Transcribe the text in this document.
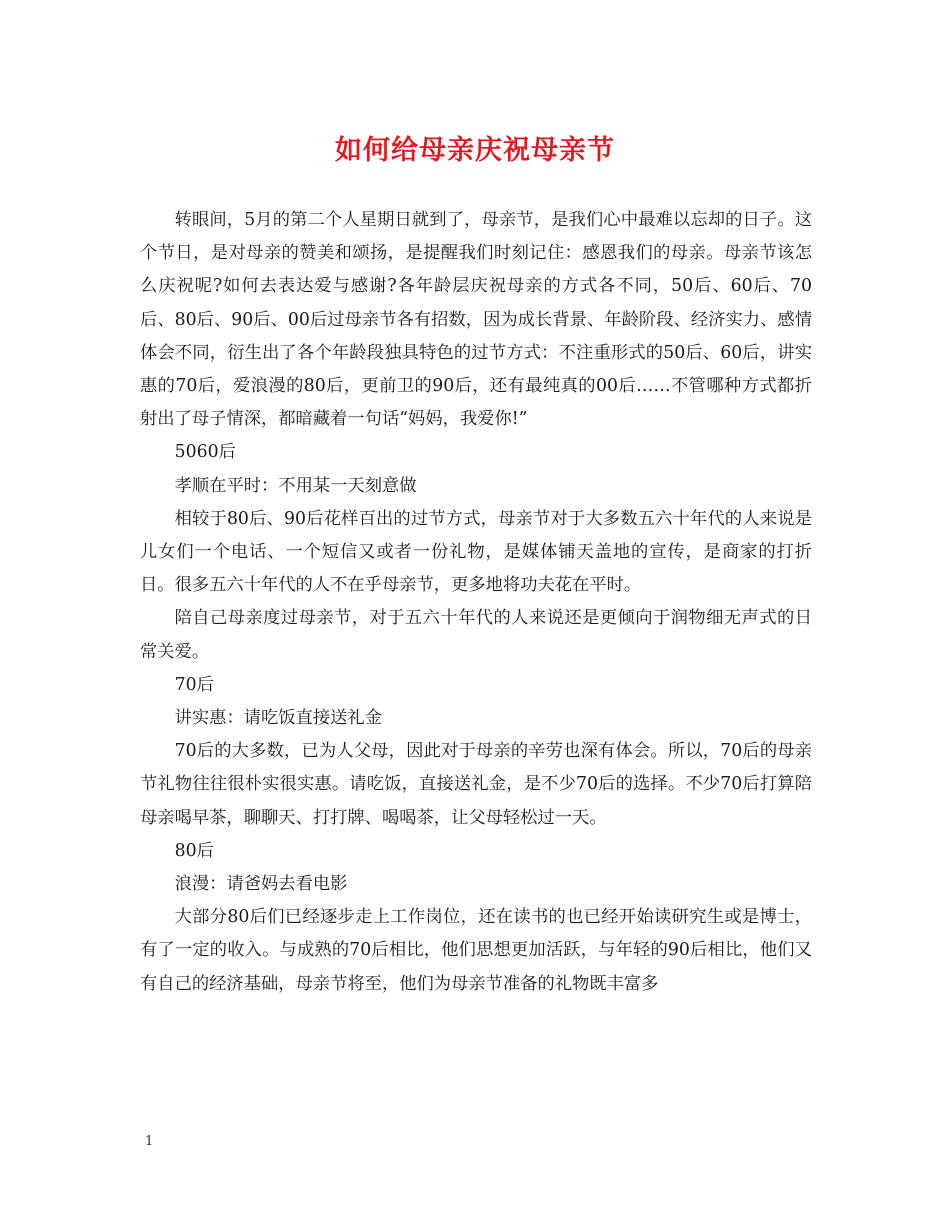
如何给母亲庆祝母亲节

转眼间，5月的第二个人星期日就到了，母亲节，是我们心中最难以忘却的日子。这个节日，是对母亲的赞美和颂扬，是提醒我们时刻记住：感恩我们的母亲。母亲节该怎么庆祝呢?如何去表达爱与感谢?各年龄层庆祝母亲的方式各不同，50后、60后、70后、80后、90后、00后过母亲节各有招数，因为成长背景、年龄阶段、经济实力、感情体会不同，衍生出了各个年龄段独具特色的过节方式：不注重形式的50后、60后，讲实惠的70后，爱浪漫的80后，更前卫的90后，还有最纯真的00后……不管哪种方式都折射出了母子情深，都暗藏着一句话“妈妈，我爱你!”

5060后

孝顺在平时：不用某一天刻意做

相较于80后、90后花样百出的过节方式，母亲节对于大多数五六十年代的人来说是儿女们一个电话、一个短信又或者一份礼物，是媒体铺天盖地的宣传，是商家的打折日。很多五六十年代的人不在乎母亲节，更多地将功夫花在平时。

陪自己母亲度过母亲节，对于五六十年代的人来说还是更倾向于润物细无声式的日常关爱。

70后

讲实惠：请吃饭直接送礼金

70后的大多数，已为人父母，因此对于母亲的辛劳也深有体会。所以，70后的母亲节礼物往往很朴实很实惠。请吃饭，直接送礼金，是不少70后的选择。不少70后打算陪母亲喝早茶，聊聊天、打打牌、喝喝茶，让父母轻松过一天。

80后

浪漫：请爸妈去看电影

大部分80后们已经逐步走上工作岗位，还在读书的也已经开始读研究生或是博士，有了一定的收入。与成熟的70后相比，他们思想更加活跃，与年轻的90后相比，他们又有自己的经济基础，母亲节将至，他们为母亲节准备的礼物既丰富多

1
